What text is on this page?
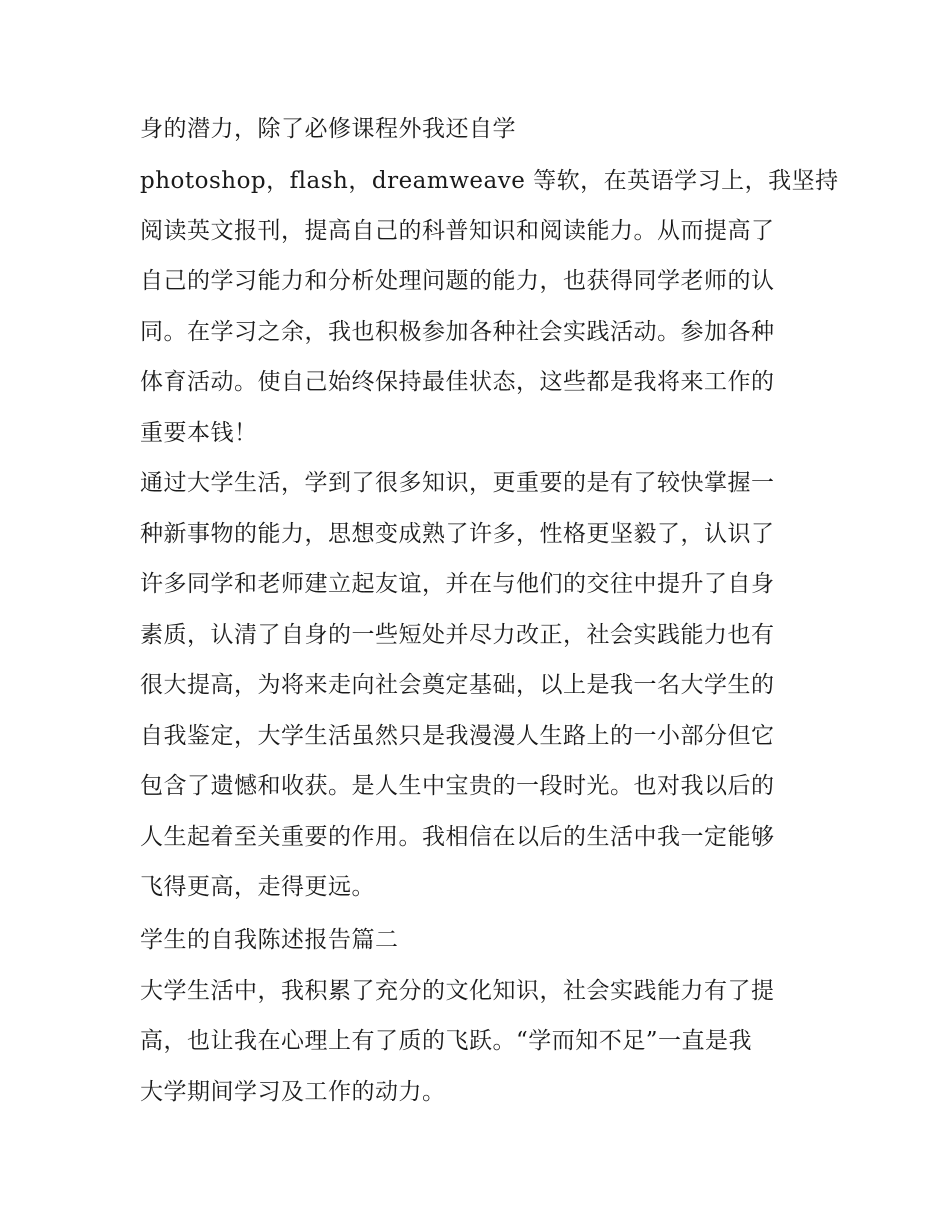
身的潜力，除了必修课程外我还自学
photoshop，flash，dreamweave 等软，在英语学习上，我坚持
阅读英文报刊，提高自己的科普知识和阅读能力。从而提高了
自己的学习能力和分析处理问题的能力，也获得同学老师的认
同。在学习之余，我也积极参加各种社会实践活动。参加各种
体育活动。使自己始终保持最佳状态，这些都是我将来工作的
重要本钱！
通过大学生活，学到了很多知识，更重要的是有了较快掌握一
种新事物的能力，思想变成熟了许多，性格更坚毅了，认识了
许多同学和老师建立起友谊，并在与他们的交往中提升了自身
素质，认清了自身的一些短处并尽力改正，社会实践能力也有
很大提高，为将来走向社会奠定基础，以上是我一名大学生的
自我鉴定，大学生活虽然只是我漫漫人生路上的一小部分但它
包含了遗憾和收获。是人生中宝贵的一段时光。也对我以后的
人生起着至关重要的作用。我相信在以后的生活中我一定能够
飞得更高，走得更远。
学生的自我陈述报告篇二
大学生活中，我积累了充分的文化知识，社会实践能力有了提
高，也让我在心理上有了质的飞跃。“学而知不足”一直是我
大学期间学习及工作的动力。
